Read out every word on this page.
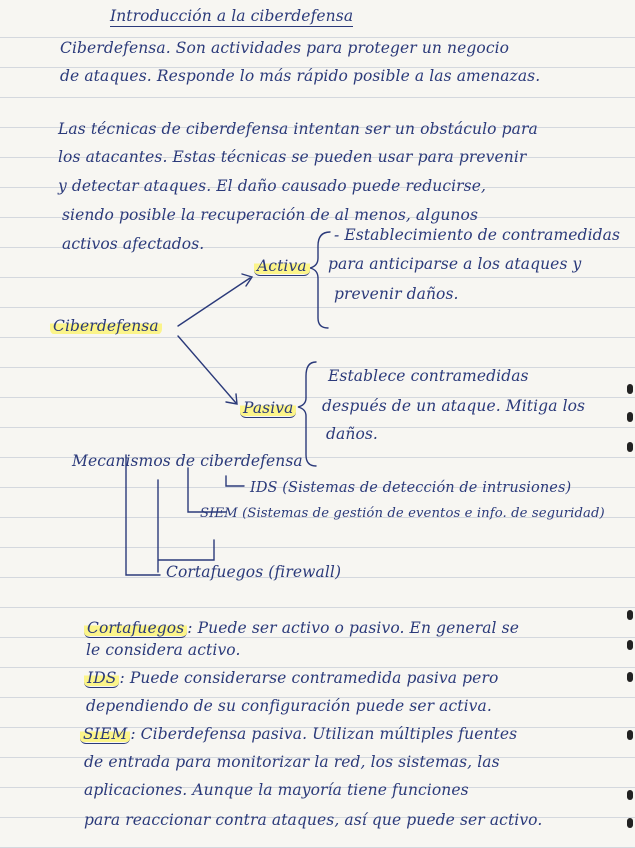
Introducción a la ciberdefensa
Ciberdefensa. Son actividades para proteger un negocio
de ataques. Responde lo más rápido posible a las amenazas.
Las técnicas de ciberdefensa intentan ser un obstáculo para
los atacantes. Estas técnicas se pueden usar para prevenir
y detectar ataques. El daño causado puede reducirse,
siendo posible la recuperación de al menos, algunos
activos afectados.
Ciberdefensa
Activa
- Establecimiento de contramedidas
para anticiparse a los ataques y
prevenir daños.
Pasiva
Establece contramedidas
después de un ataque. Mitiga los
daños.
Mecanismos de ciberdefensa
IDS (Sistemas de detección de intrusiones)
SIEM (Sistemas de gestión de eventos e info. de seguridad)
Cortafuegos (firewall)
Cortafuegos : Puede ser activo o pasivo. En general se
le considera activo.
IDS : Puede considerarse contramedida pasiva pero
dependiendo de su configuración puede ser activa.
SIEM : Ciberdefensa pasiva. Utilizan múltiples fuentes
de entrada para monitorizar la red, los sistemas, las
aplicaciones. Aunque la mayoría tiene funciones
para reaccionar contra ataques, así que puede ser activo.
